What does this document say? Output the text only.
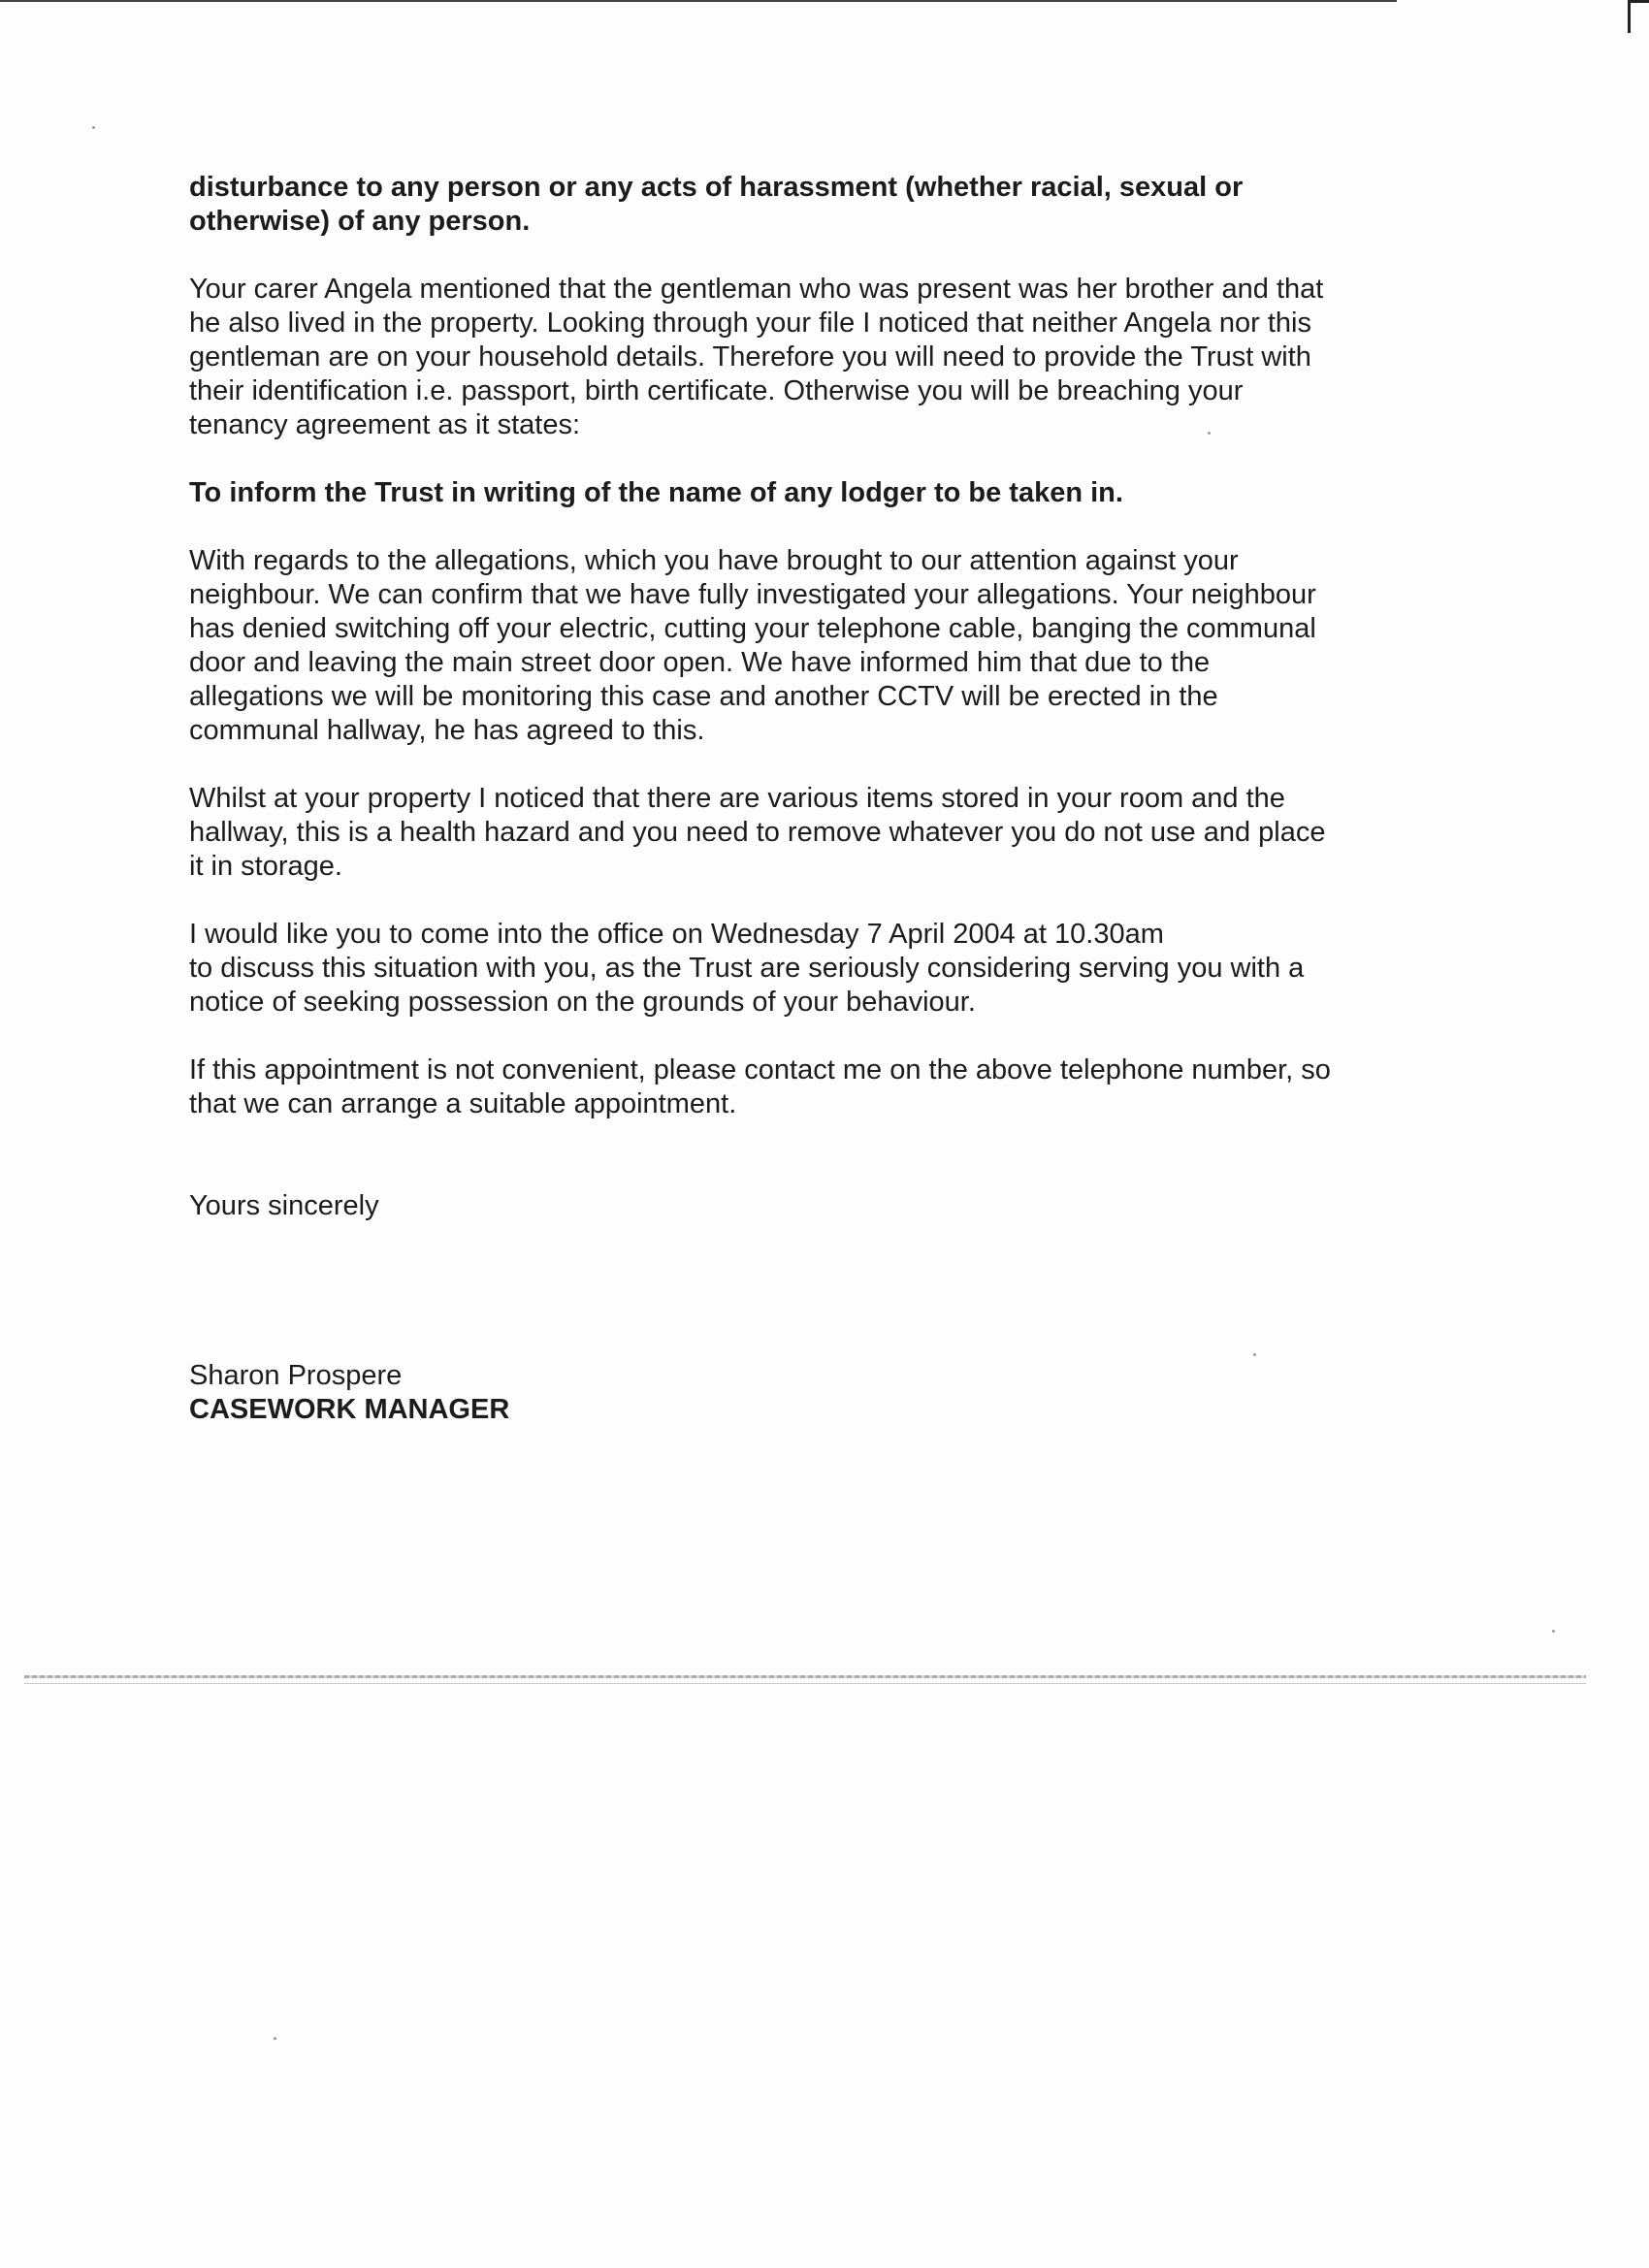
disturbance to any person or any acts of harassment (whether racial, sexual or
otherwise) of any person.

Your carer Angela mentioned that the gentleman who was present was her brother and that
he also lived in the property. Looking through your file I noticed that neither Angela nor this
gentleman are on your household details. Therefore you will need to provide the Trust with
their identification i.e. passport, birth certificate. Otherwise you will be breaching your
tenancy agreement as it states:

To inform the Trust in writing of the name of any lodger to be taken in.

With regards to the allegations, which you have brought to our attention against your
neighbour. We can confirm that we have fully investigated your allegations. Your neighbour
has denied switching off your electric, cutting your telephone cable, banging the communal
door and leaving the main street door open. We have informed him that due to the
allegations we will be monitoring this case and another CCTV will be erected in the
communal hallway, he has agreed to this.

Whilst at your property I noticed that there are various items stored in your room and the
hallway, this is a health hazard and you need to remove whatever you do not use and place
it in storage.

I would like you to come into the office on Wednesday 7 April 2004 at 10.30am
to discuss this situation with you, as the Trust are seriously considering serving you with a
notice of seeking possession on the grounds of your behaviour.

If this appointment is not convenient, please contact me on the above telephone number, so
that we can arrange a suitable appointment.

Yours sincerely

Sharon Prospere

CASEWORK MANAGER
